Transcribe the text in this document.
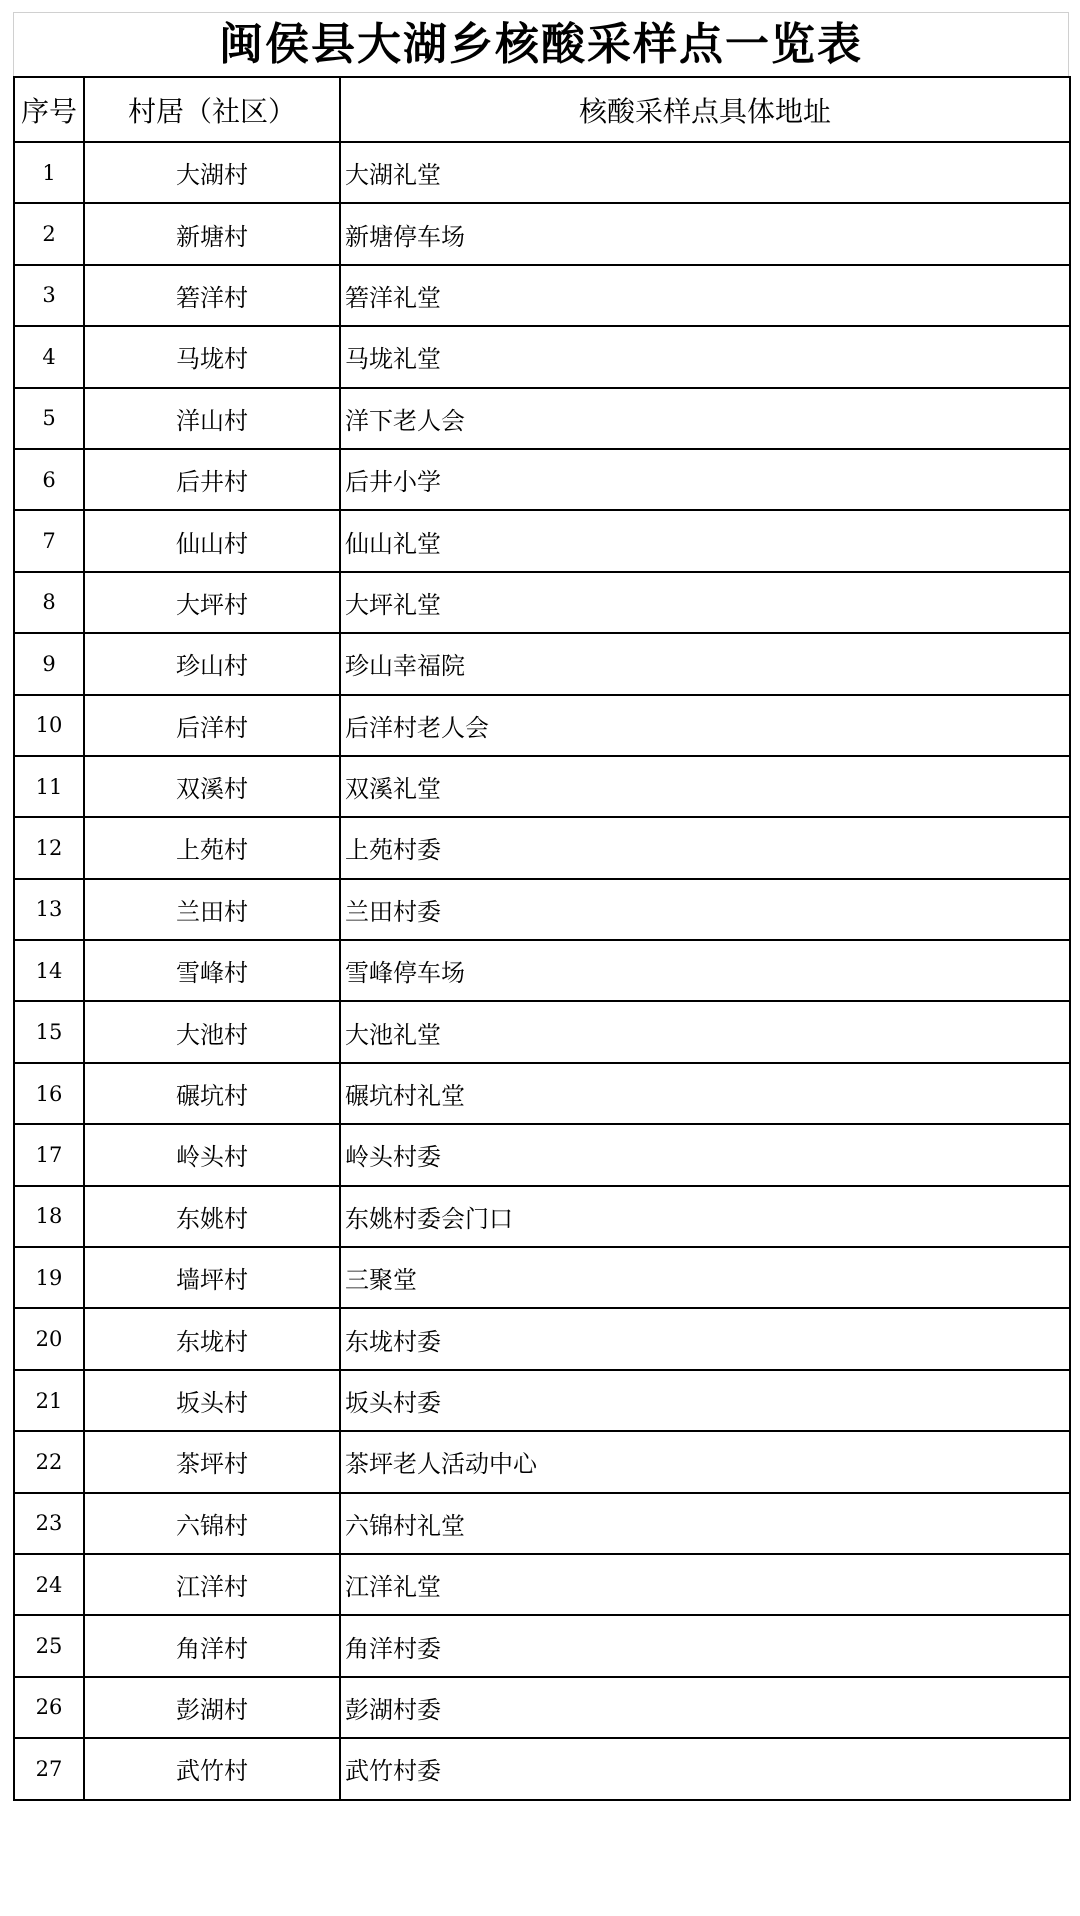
闽侯县大湖乡核酸采样点一览表
序号	村居（社区）	核酸采样点具体地址
1	大湖村	大湖礼堂
2	新塘村	新塘停车场
3	箬洋村	箬洋礼堂
4	马垅村	马垅礼堂
5	洋山村	洋下老人会
6	后井村	后井小学
7	仙山村	仙山礼堂
8	大坪村	大坪礼堂
9	珍山村	珍山幸福院
10	后洋村	后洋村老人会
11	双溪村	双溪礼堂
12	上苑村	上苑村委
13	兰田村	兰田村委
14	雪峰村	雪峰停车场
15	大池村	大池礼堂
16	碾坑村	碾坑村礼堂
17	岭头村	岭头村委
18	东姚村	东姚村委会门口
19	墙坪村	三聚堂
20	东垅村	东垅村委
21	坂头村	坂头村委
22	茶坪村	茶坪老人活动中心
23	六锦村	六锦村礼堂
24	江洋村	江洋礼堂
25	角洋村	角洋村委
26	彭湖村	彭湖村委
27	武竹村	武竹村委
